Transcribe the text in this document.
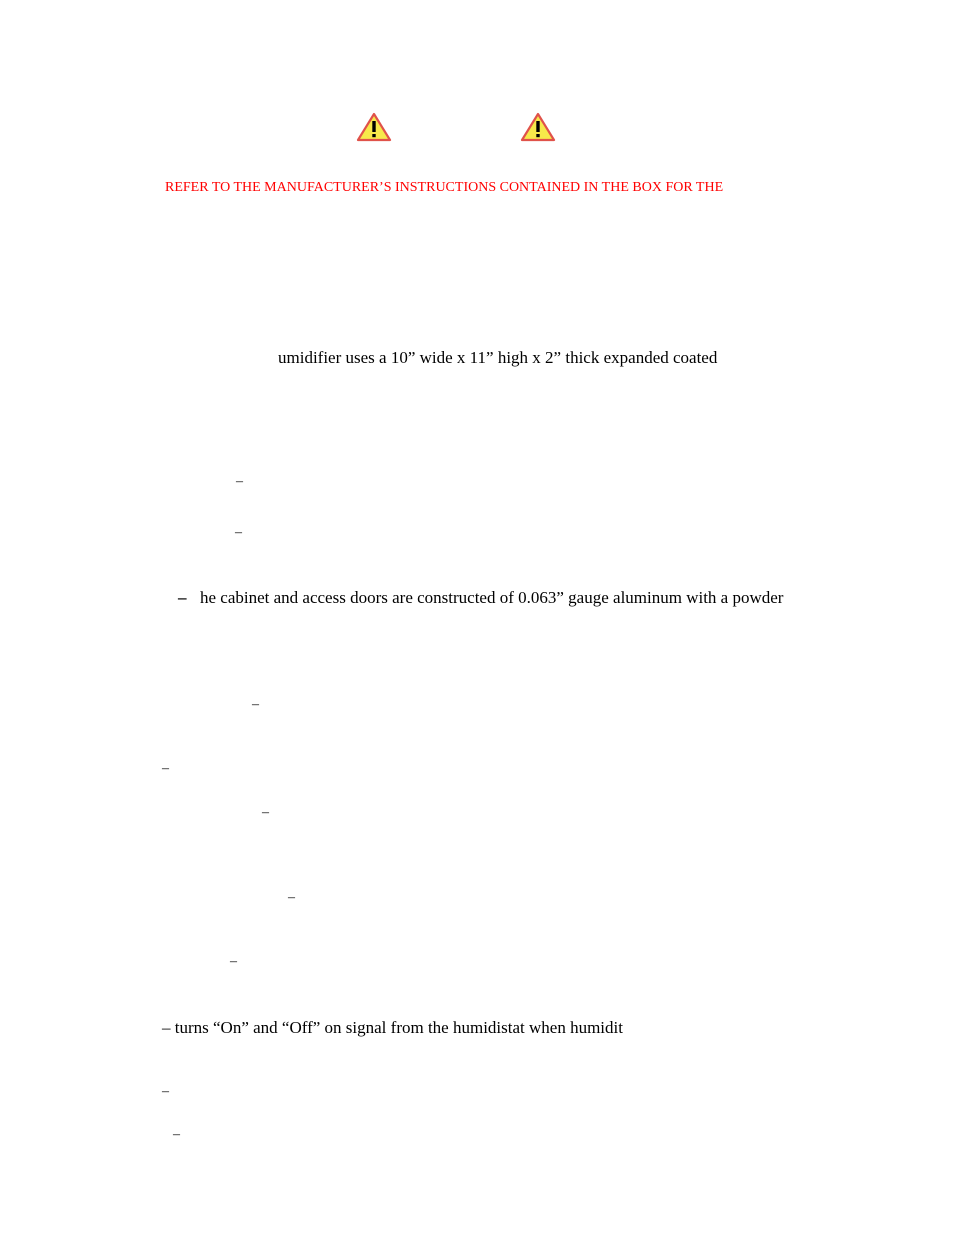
REFER TO THE MANUFACTURER’S INSTRUCTIONS CONTAINED IN THE BOX FOR THE
umidifier uses a 10” wide x 11” high x 2” thick expanded coated
–
–
– he cabinet and access doors are constructed of 0.063” gauge aluminum with a powder
–
–
–
–
–
– turns “On” and “Off” on signal from the humidistat when humidit
–
–
